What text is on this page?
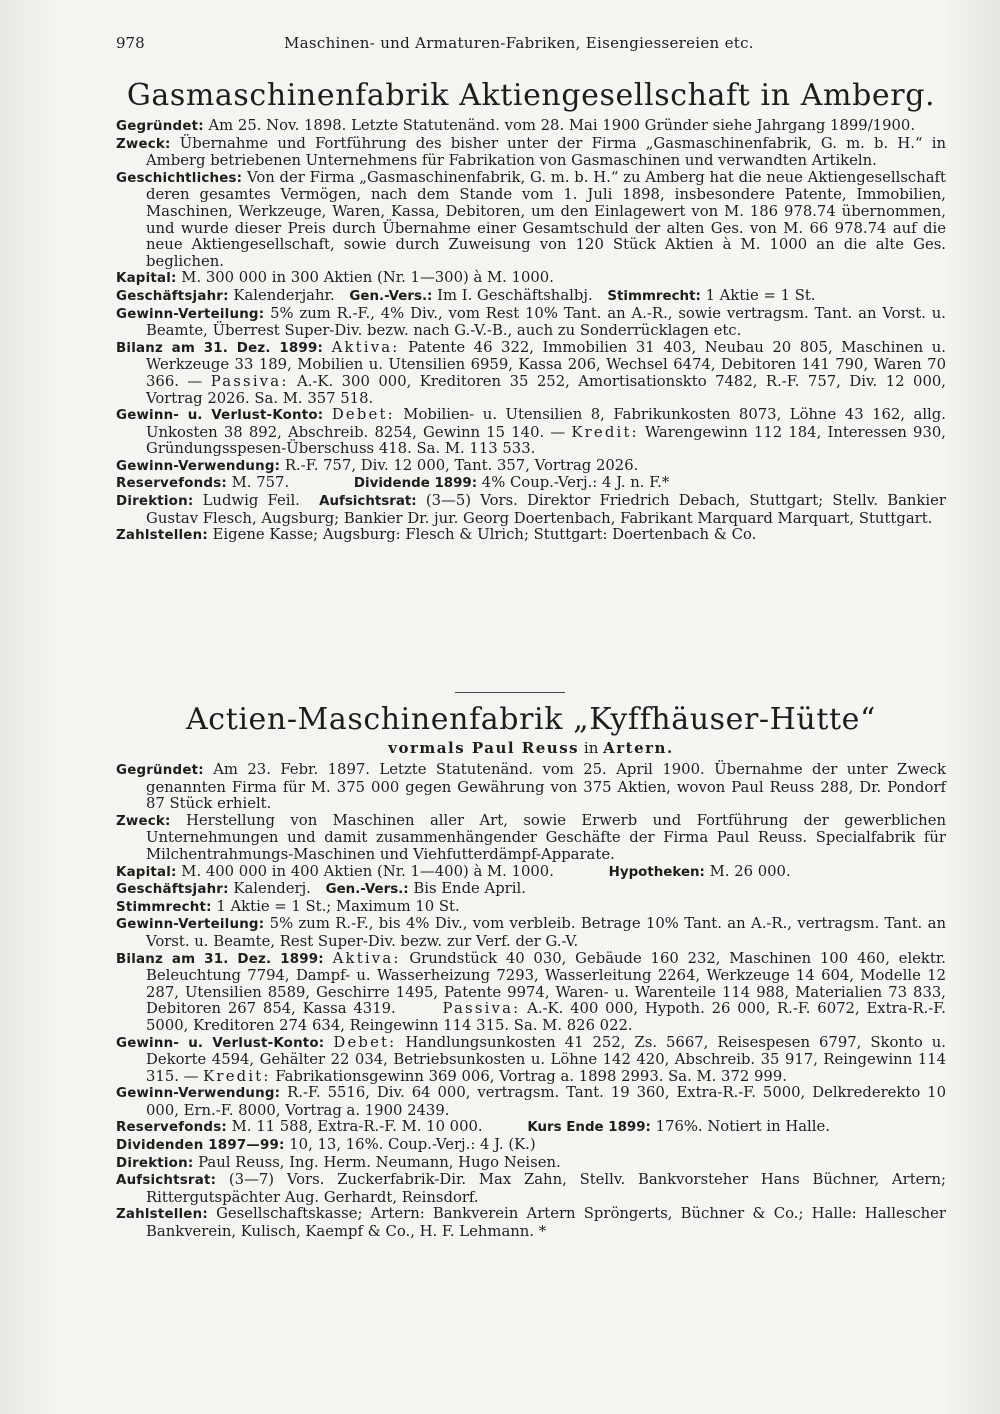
978	Maschinen- und Armaturen-Fabriken, Eisengiessereien etc.
Gasmaschinenfabrik Aktiengesellschaft in Amberg.

Gegründet: Am 25. Nov. 1898. Letzte Statutenänd. vom 28. Mai 1900 Gründer siehe Jahrgang 1899/1900.

Zweck: Übernahme und Fortführung des bisher unter der Firma „Gasmaschinenfabrik, G. m. b. H.“ in Amberg betriebenen Unternehmens für Fabrikation von Gasmaschinen und verwandten Artikeln.

Geschichtliches: Von der Firma „Gasmaschinenfabrik, G. m. b. H.“ zu Amberg hat die neue Aktiengesellschaft deren gesamtes Vermögen, nach dem Stande vom 1. Juli 1898, insbesondere Patente, Immobilien, Maschinen, Werkzeuge, Waren, Kassa, Debitoren, um den Einlagewert von M. 186 978.74 übernommen, und wurde dieser Preis durch Übernahme einer Gesamtschuld der alten Ges. von M. 66 978.74 auf die neue Aktiengesellschaft, sowie durch Zuweisung von 120 Stück Aktien à M. 1000 an die alte Ges. beglichen.

Kapital: M. 300 000 in 300 Aktien (Nr. 1—300) à M. 1000.

Geschäftsjahr: Kalenderjahr. Gen.-Vers.: Im I. Geschäftshalbj. Stimmrecht: 1 Aktie = 1 St.

Gewinn-Verteilung: 5% zum R.-F., 4% Div., vom Rest 10% Tant. an A.-R., sowie vertragsm. Tant. an Vorst. u. Beamte, Überrest Super-Div. bezw. nach G.-V.-B., auch zu Sonderrücklagen etc.

Bilanz am 31. Dez. 1899: Aktiva: Patente 46 322, Immobilien 31 403, Neubau 20 805, Maschinen u. Werkzeuge 33 189, Mobilien u. Utensilien 6959, Kassa 206, Wechsel 6474, Debitoren 141 790, Waren 70 366. — Passiva: A.-K. 300 000, Kreditoren 35 252, Amortisationskto 7482, R.-F. 757, Div. 12 000, Vortrag 2026. Sa. M. 357 518.

Gewinn- u. Verlust-Konto: Debet: Mobilien- u. Utensilien 8, Fabrikunkosten 8073, Löhne 43 162, allg. Unkosten 38 892, Abschreib. 8254, Gewinn 15 140. — Kredit: Warengewinn 112 184, Interessen 930, Gründungsspesen-Überschuss 418. Sa. M. 113 533.

Gewinn-Verwendung: R.-F. 757, Div. 12 000, Tant. 357, Vortrag 2026.

Reservefonds: M. 757.	Dividende 1899: 4% Coup.-Verj.: 4 J. n. F.*

Direktion: Ludwig Feil. Aufsichtsrat: (3—5) Vors. Direktor Friedrich Debach, Stuttgart; Stellv. Bankier Gustav Flesch, Augsburg; Bankier Dr. jur. Georg Doertenbach, Fabrikant Marquard Marquart, Stuttgart.

Zahlstellen: Eigene Kasse; Augsburg: Flesch & Ulrich; Stuttgart: Doertenbach & Co.

Actien-Maschinenfabrik „Kyffhäuser-Hütte“
vormals Paul Reuss in Artern.

Gegründet: Am 23. Febr. 1897. Letzte Statutenänd. vom 25. April 1900. Übernahme der unter Zweck genannten Firma für M. 375 000 gegen Gewährung von 375 Aktien, wovon Paul Reuss 288, Dr. Pondorf 87 Stück erhielt.

Zweck: Herstellung von Maschinen aller Art, sowie Erwerb und Fortführung der gewerblichen Unternehmungen und damit zusammenhängender Geschäfte der Firma Paul Reuss. Specialfabrik für Milchentrahmungs-Maschinen und Viehfutterdämpf-Apparate.

Kapital: M. 400 000 in 400 Aktien (Nr. 1—400) à M. 1000.	Hypotheken: M. 26 000.

Geschäftsjahr: Kalenderj. Gen.-Vers.: Bis Ende April.

Stimmrecht: 1 Aktie = 1 St.; Maximum 10 St.

Gewinn-Verteilung: 5% zum R.-F., bis 4% Div., vom verbleib. Betrage 10% Tant. an A.-R., vertragsm. Tant. an Vorst. u. Beamte, Rest Super-Div. bezw. zur Verf. der G.-V.

Bilanz am 31. Dez. 1899: Aktiva: Grundstück 40 030, Gebäude 160 232, Maschinen 100 460, elektr. Beleuchtung 7794, Dampf- u. Wasserheizung 7293, Wasserleitung 2264, Werkzeuge 14 604, Modelle 12 287, Utensilien 8589, Geschirre 1495, Patente 9974, Waren- u. Warenteile 114 988, Materialien 73 833, Debitoren 267 854, Kassa 4319.	Passiva: A.-K. 400 000, Hypoth. 26 000, R.-F. 6072, Extra-R.-F. 5000, Kreditoren 274 634, Reingewinn 114 315. Sa. M. 826 022.

Gewinn- u. Verlust-Konto: Debet: Handlungsunkosten 41 252, Zs. 5667, Reisespesen 6797, Skonto u. Dekorte 4594, Gehälter 22 034, Betriebsunkosten u. Löhne 142 420, Abschreib. 35 917, Reingewinn 114 315. — Kredit: Fabrikationsgewinn 369 006, Vortrag a. 1898 2993. Sa. M. 372 999.

Gewinn-Verwendung: R.-F. 5516, Div. 64 000, vertragsm. Tant. 19 360, Extra-R.-F. 5000, Delkrederekto 10 000, Ern.-F. 8000, Vortrag a. 1900 2439.

Reservefonds: M. 11 588, Extra-R.-F. M. 10 000.	Kurs Ende 1899: 176%. Notiert in Halle.

Dividenden 1897—99: 10, 13, 16%. Coup.-Verj.: 4 J. (K.)

Direktion: Paul Reuss, Ing. Herm. Neumann, Hugo Neisen.

Aufsichtsrat: (3—7) Vors. Zuckerfabrik-Dir. Max Zahn, Stellv. Bankvorsteher Hans Büchner, Artern; Rittergutspächter Aug. Gerhardt, Reinsdorf.

Zahlstellen: Gesellschaftskasse; Artern: Bankverein Artern Spröngerts, Büchner & Co.; Halle: Hallescher Bankverein, Kulisch, Kaempf & Co., H. F. Lehmann. *
